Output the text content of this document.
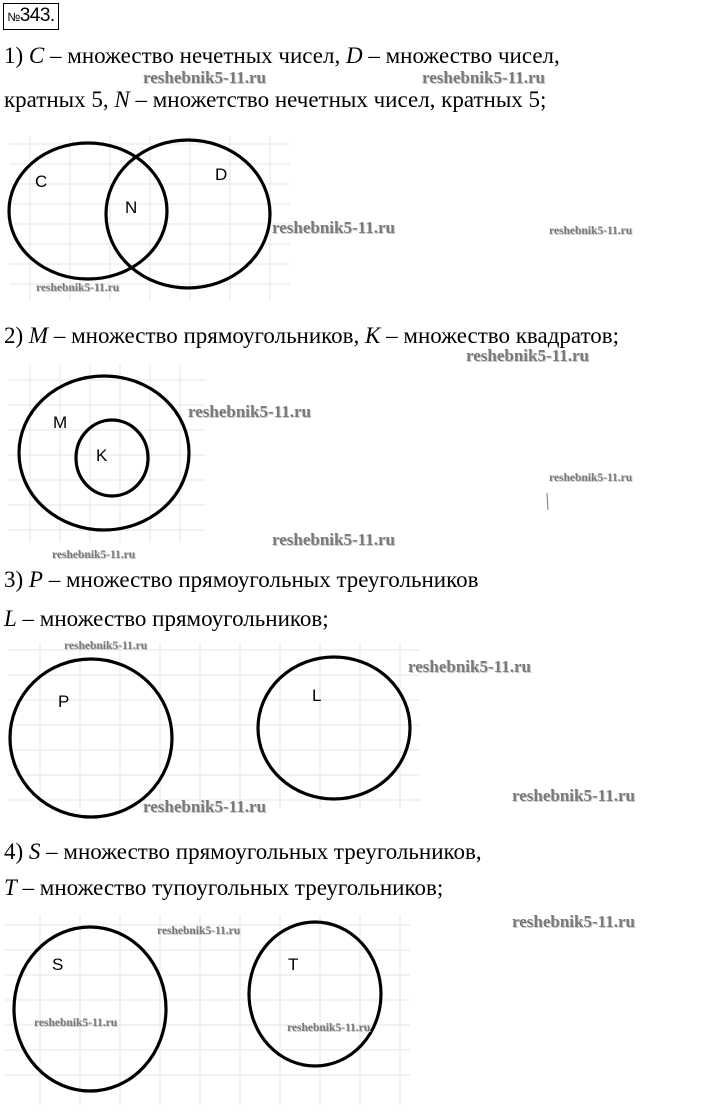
№343.
1) C – множество нечетных чисел, D – множество чисел,
кратных 5, N – множетство нечетных чисел, кратных 5;
C	D
N
2) M – множество прямоугольников, K – множество квадратов;
M
K
3) P – множество прямоугольных треугольников
L – множество прямоугольников;
P	L
4) S – множество прямоугольных треугольников,
T – множество тупоугольных треугольников;
S	T
reshebnik5-11.ru	reshebnik5-11.ru
reshebnik5-11.ru	reshebnik5-11.ru
reshebnik5-11.ru
reshebnik5-11.ru
reshebnik5-11.ru
reshebnik5-11.ru
reshebnik5-11.ru
reshebnik5-11.ru
reshebnik5-11.ru
reshebnik5-11.ru
reshebnik5-11.ru
reshebnik5-11.ru
reshebnik5-11.ru
reshebnik5-11.ru
reshebnik5-11.ru	reshebnik5-11.ru
